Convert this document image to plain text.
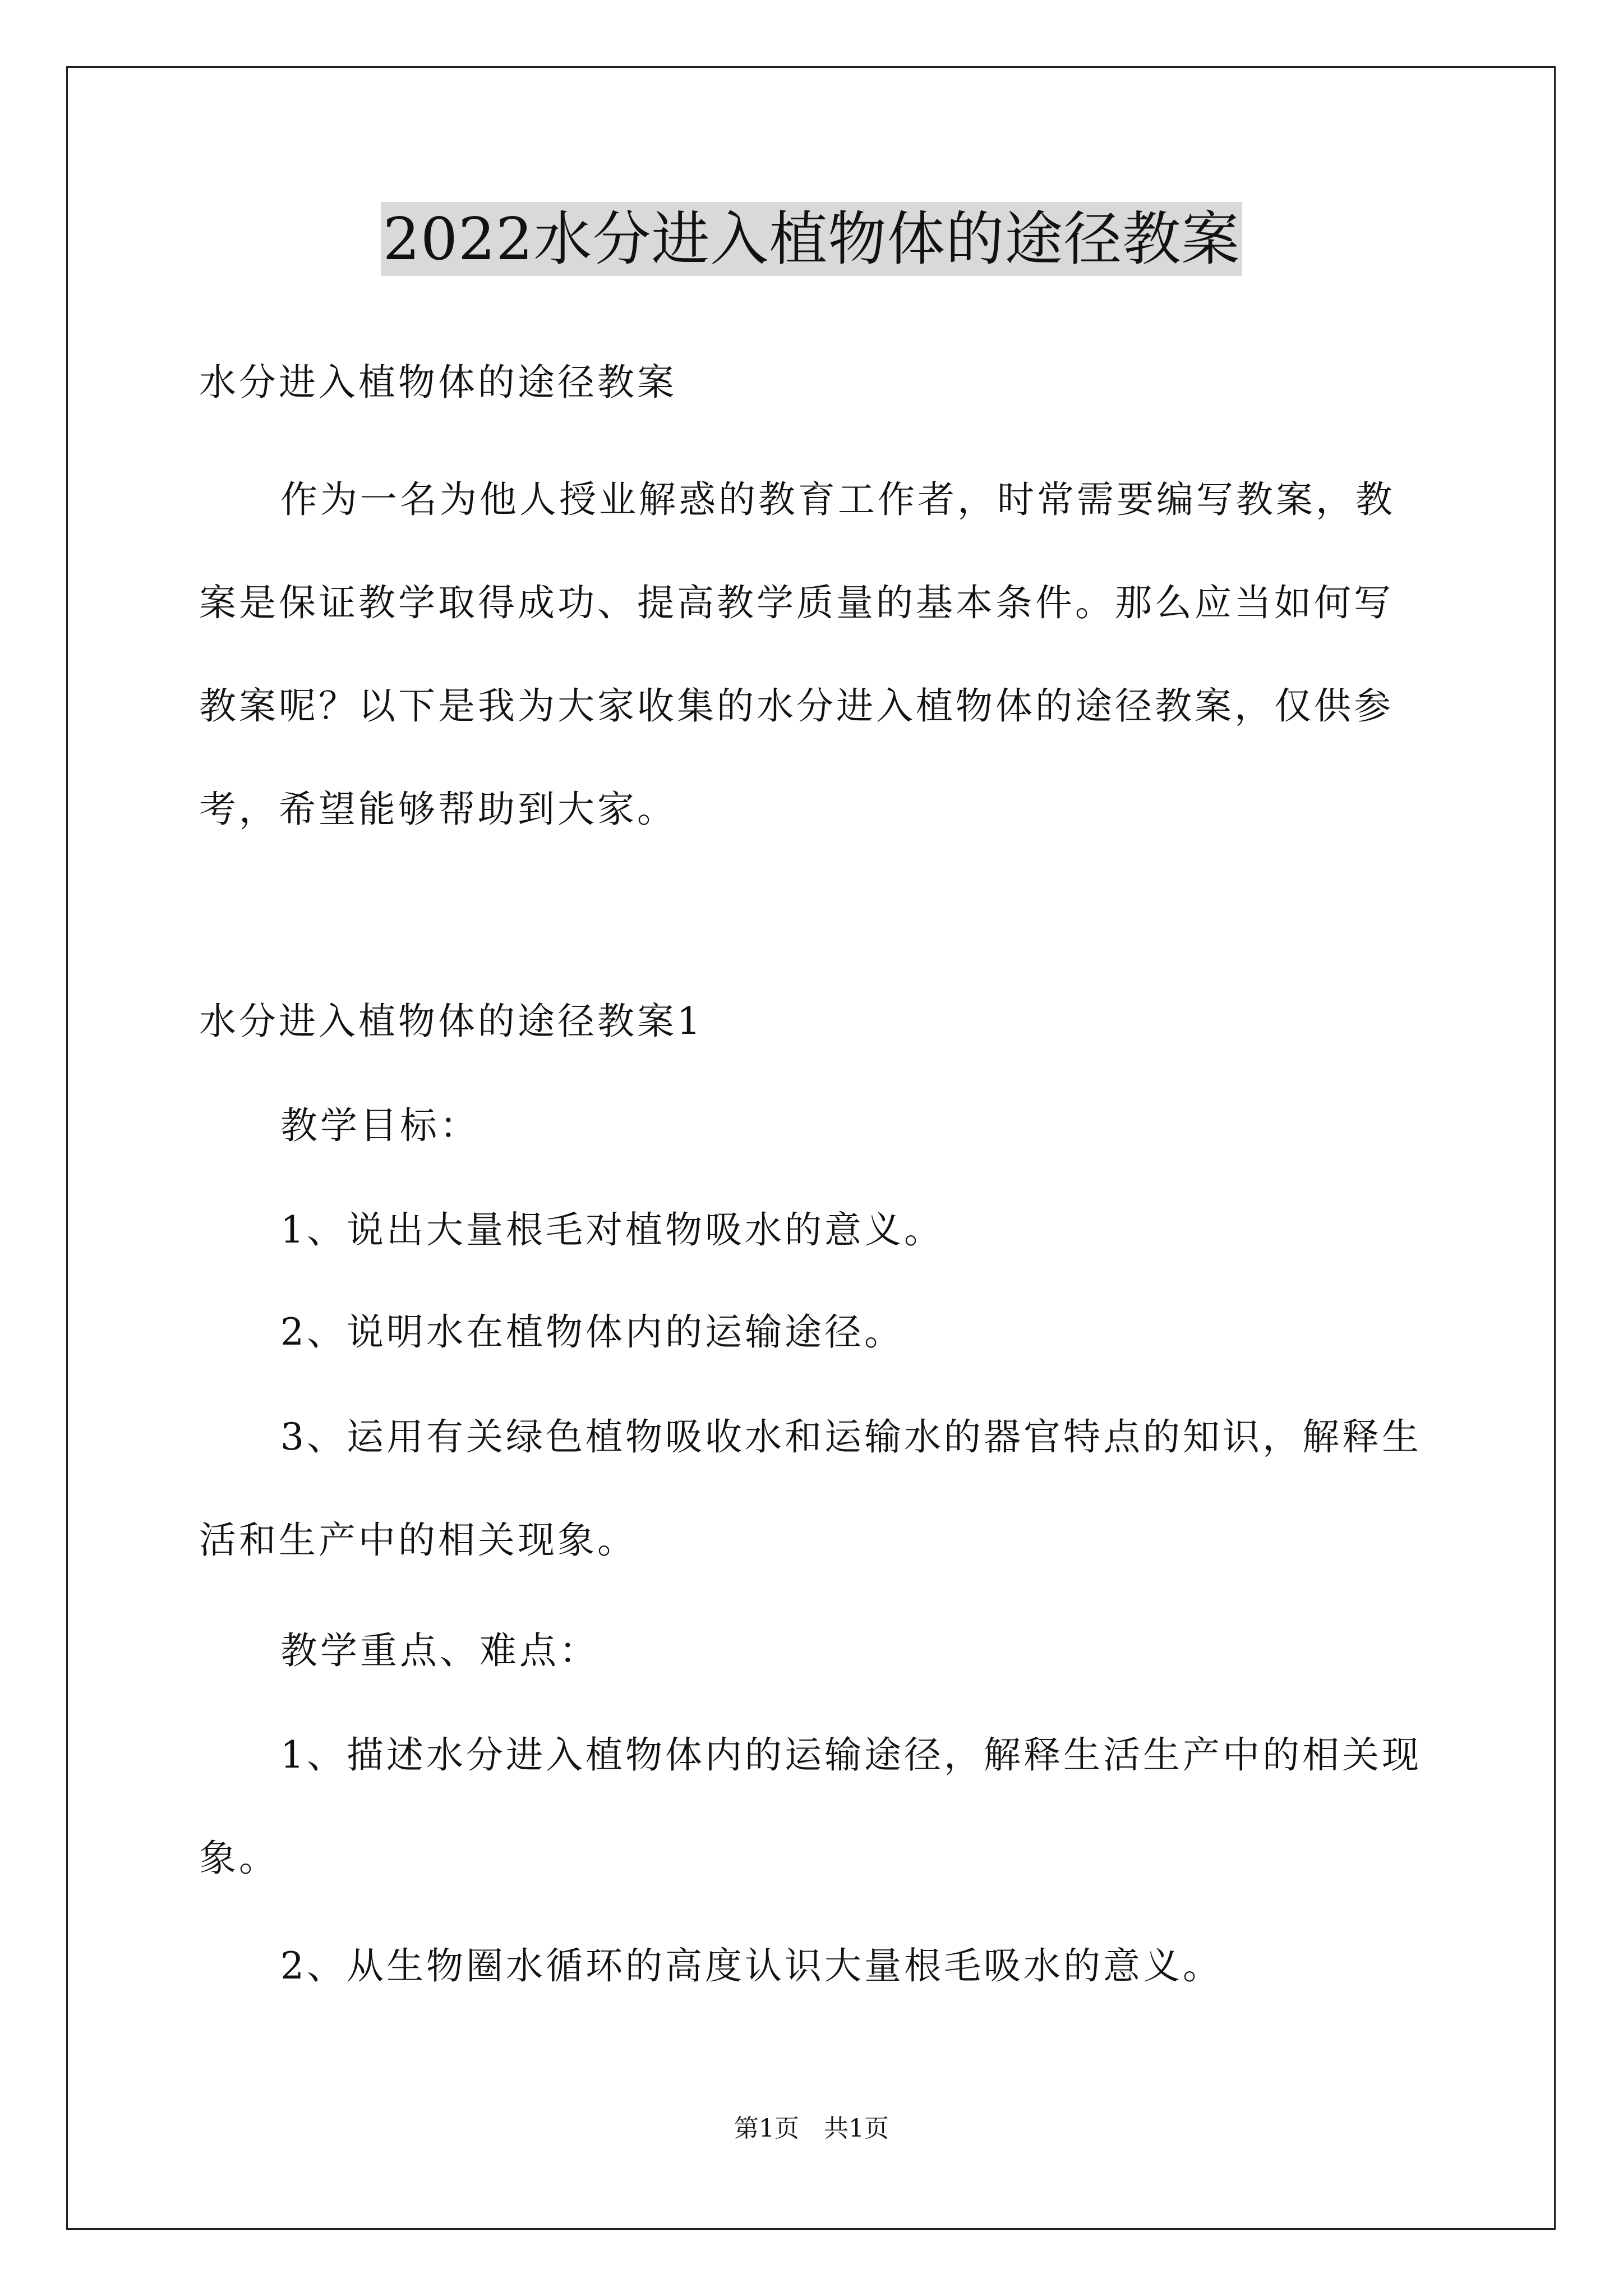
2022水分进入植物体的途径教案

水分进入植物体的途径教案

作为一名为他人授业解惑的教育工作者，时常需要编写教案，教案是保证教学取得成功、提高教学质量的基本条件。那么应当如何写教案呢？以下是我为大家收集的水分进入植物体的途径教案，仅供参考，希望能够帮助到大家。

水分进入植物体的途径教案1

教学目标：

1、说出大量根毛对植物吸水的意义。

2、说明水在植物体内的运输途径。

3、运用有关绿色植物吸收水和运输水的器官特点的知识，解释生活和生产中的相关现象。

教学重点、难点：

1、描述水分进入植物体内的运输途径，解释生活生产中的相关现象。

2、从生物圈水循环的高度认识大量根毛吸水的意义。

第1页　共1页
